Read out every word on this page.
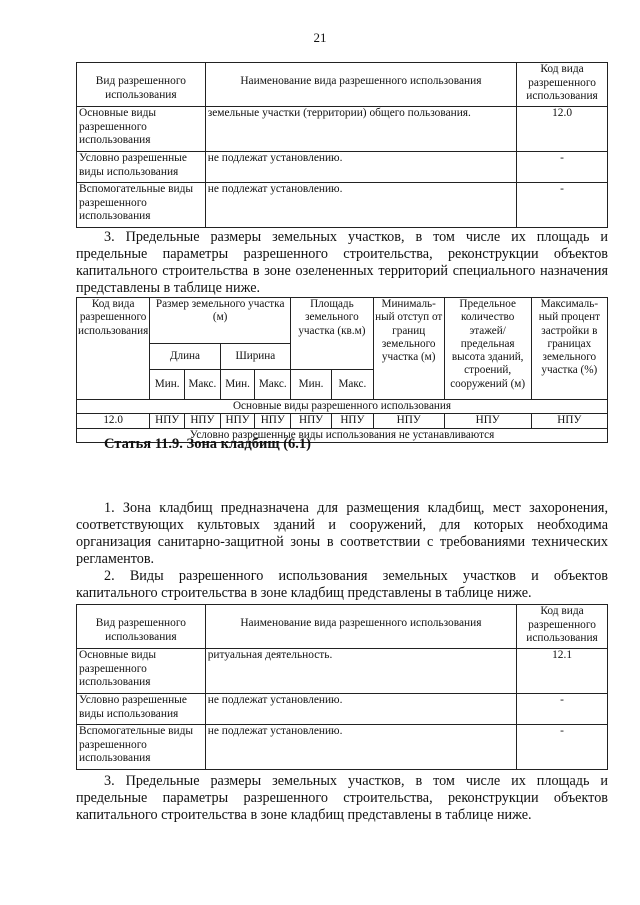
21
Вид разрешенного использования	Наименование вида разрешенного использования	Код вида разрешенного использования
Основные виды разрешенного использования	земельные участки (территории) общего пользования.	12.0
Условно разрешенные виды использования	не подлежат установлению.	-
Вспомогательные виды разрешенного использования	не подлежат установлению.	-

3. Предельные размеры земельных участков, в том числе их площадь и предельные параметры разрешенного строительства, реконструкции объектов капитального строительства в зоне озелененных территорий специального назначения представлены в таблице ниже.

Код вида разрешенного использования	Размер земельного участка (м)				Площадь земельного участка (кв.м)		Минималь-ный отступ от границ земельного участка (м)	Предельное количество этажей/ предельная высота зданий, строений, сооружений (м)	Максималь-ный процент застройки в границах земельного участка (%)
	Длина		Ширина						
	Мин.	Макс.	Мин.	Макс.	Мин.	Макс.			
Основные виды разрешенного использования									
12.0	НПУ	НПУ	НПУ	НПУ	НПУ	НПУ	НПУ	НПУ	НПУ
Условно разрешенные виды использования не устанавливаются									

Статья 11.9. Зона кладбищ (6.1)

1. Зона кладбищ предназначена для размещения кладбищ, мест захоронения, соответствующих культовых зданий и сооружений, для которых необходима организация санитарно-защитной зоны в соответствии с требованиями технических регламентов.

2. Виды разрешенного использования земельных участков и объектов капитального строительства в зоне кладбищ представлены в таблице ниже.

Вид разрешенного использования	Наименование вида разрешенного использования	Код вида разрешенного использования
Основные виды разрешенного использования	ритуальная деятельность.	12.1
Условно разрешенные виды использования	не подлежат установлению.	-
Вспомогательные виды разрешенного использования	не подлежат установлению.	-

3. Предельные размеры земельных участков, в том числе их площадь и предельные параметры разрешенного строительства, реконструкции объектов капитального строительства в зоне кладбищ представлены в таблице ниже.
